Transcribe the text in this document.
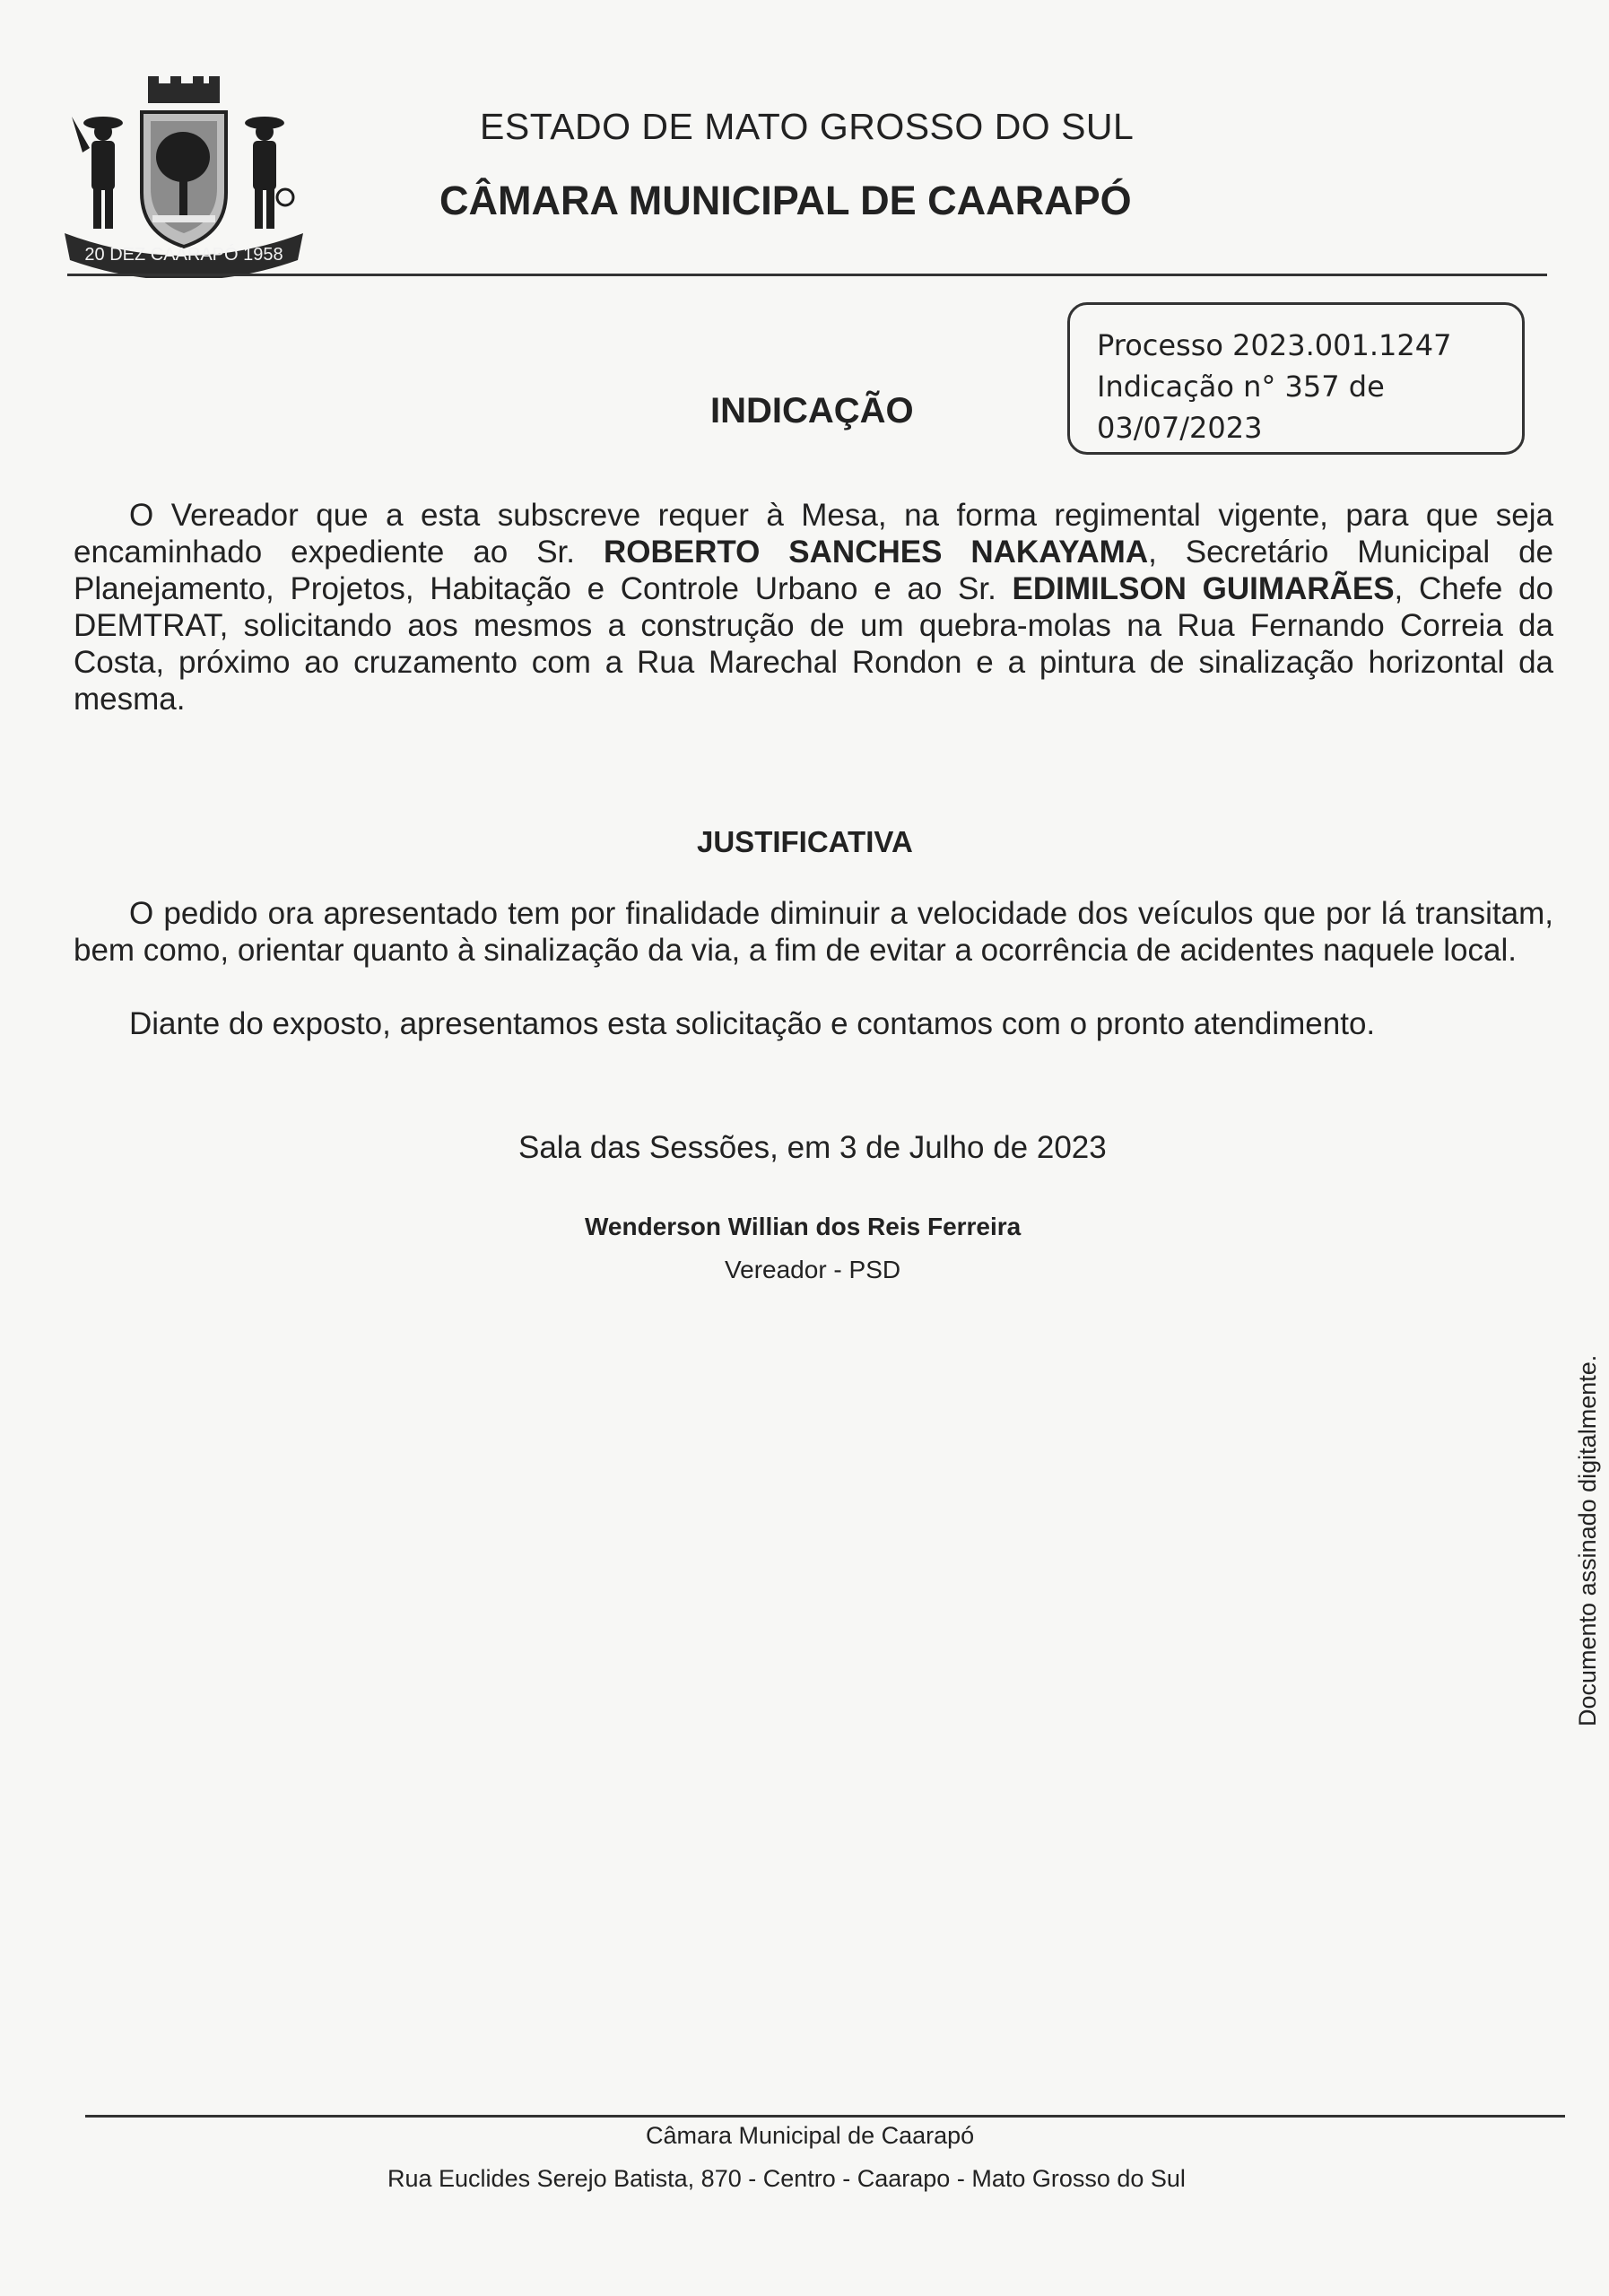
20 DEZ CAARAPÓ 1958
ESTADO DE MATO GROSSO DO SUL
CÂMARA MUNICIPAL DE CAARAPÓ
Processo 2023.001.1247
Indicação n° 357 de
03/07/2023
INDICAÇÃO

O Vereador que a esta subscreve requer à Mesa, na forma regimental vigente, para que seja encaminhado expediente ao Sr. ROBERTO SANCHES NAKAYAMA, Secretário Municipal de Planejamento, Projetos, Habitação e Controle Urbano e ao Sr. EDIMILSON GUIMARÃES, Chefe do DEMTRAT, solicitando aos mesmos a construção de um quebra-molas na Rua Fernando Correia da Costa, próximo ao cruzamento com a Rua Marechal Rondon e a pintura de sinalização horizontal da mesma.

JUSTIFICATIVA

O pedido ora apresentado tem por finalidade diminuir a velocidade dos veículos que por lá transitam, bem como, orientar quanto à sinalização da via, a fim de evitar a ocorrência de acidentes naquele local.

Diante do exposto, apresentamos esta solicitação e contamos com o pronto atendimento.

Sala das Sessões, em 3 de Julho de 2023
Wenderson Willian dos Reis Ferreira
Vereador - PSD
Documento assinado digitalmente.
Câmara Municipal de Caarapó
Rua Euclides Serejo Batista, 870 - Centro - Caarapo - Mato Grosso do Sul
